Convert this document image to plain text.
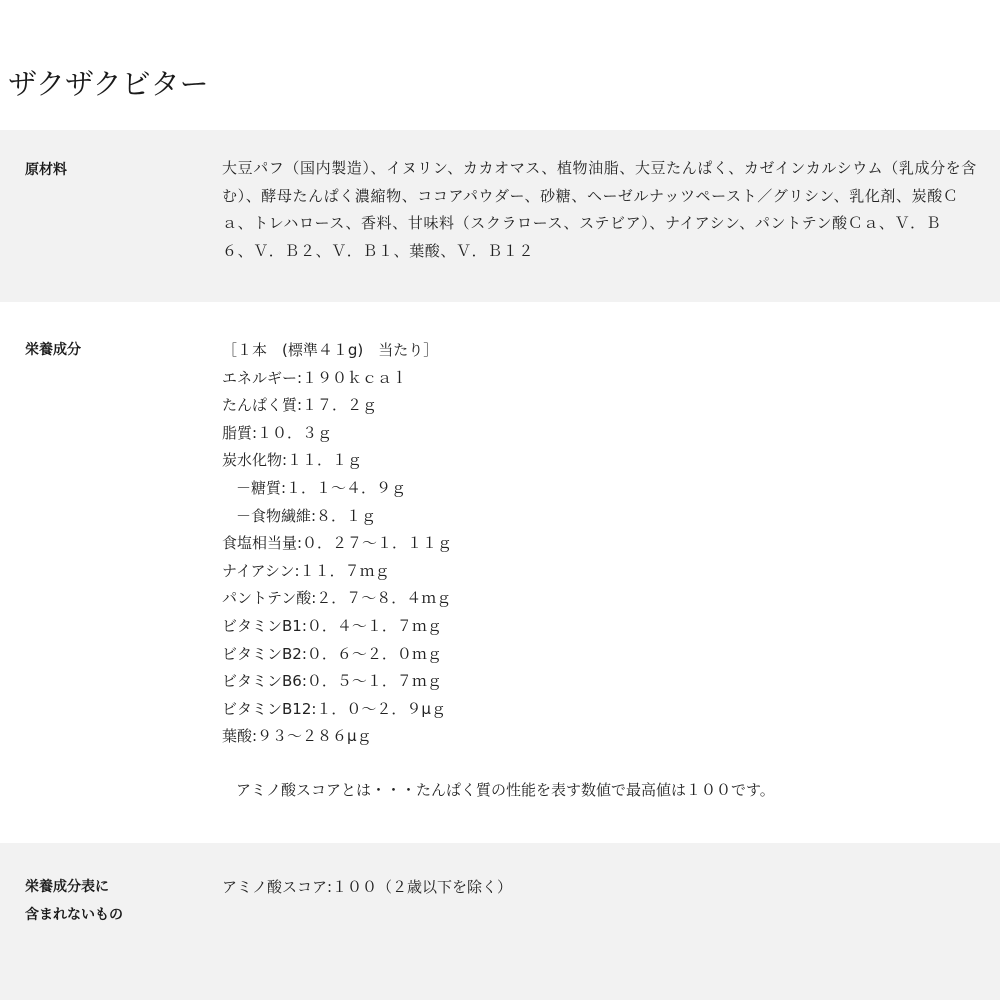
ザクザクビター
原材料	大豆パフ（国内製造）、イヌリン、カカオマス、植物油脂、大豆たんぱく、カゼインカルシウム（乳成分を含
む）、酵母たんぱく濃縮物、ココアパウダー、砂糖、ヘーゼルナッツペースト／グリシン、乳化剤、炭酸Ｃ
ａ、トレハロース、香料、甘味料（スクラロース、ステビア）、ナイアシン、パントテン酸Ｃａ、Ｖ．Ｂ
６、Ｖ．Ｂ２、Ｖ．Ｂ１、葉酸、Ｖ．Ｂ１２
栄養成分	［１本　(標準４１g)　当たり］
エネルギー:１９０ｋｃａｌ
たんぱく質:１７．２ｇ
脂質:１０．３ｇ
炭水化物:１１．１ｇ
－糖質:１．１～４．９ｇ
－食物繊維:８．１ｇ
食塩相当量:０．２７～１．１１ｇ
ナイアシン:１１．７ｍｇ
パントテン酸:２．７～８．４ｍｇ
ビタミンB1:０．４～１．７ｍｇ
ビタミンB2:０．６～２．０ｍｇ
ビタミンB6:０．５～１．７ｍｇ
ビタミンB12:１．０～２．９μｇ
葉酸:９３～２８６μｇ
アミノ酸スコアとは・・・たんぱく質の性能を表す数値で最高値は１００です。
栄養成分表に
含まれないもの
アミノ酸スコア:１００（２歳以下を除く）
